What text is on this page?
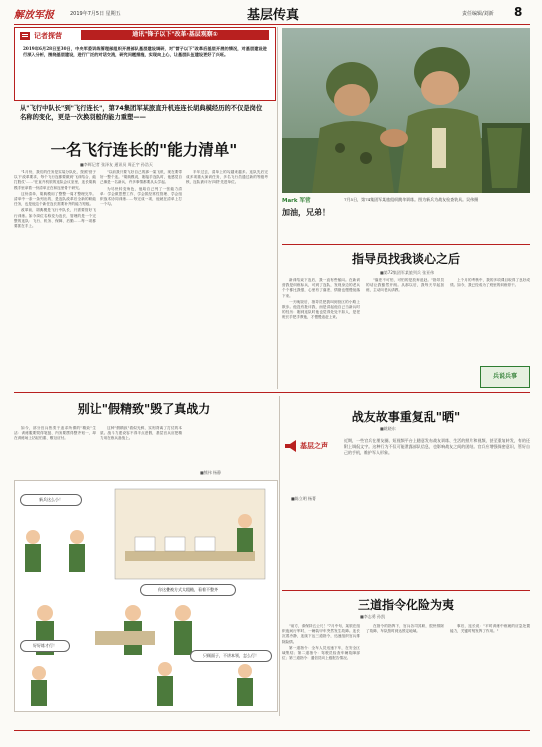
解放军报	2019年7月5日 星期五	基层传真	责任编辑/刘新 8
记者探营	通讯"锋子以下"改革·基层观察①
2019年6月28日至30日，中央军委训练管理部组织开展部队基层建设调研，对"营子以下"改革后基层开展的情况，对基层建设进行深入分析，围绕基层建设，进行广泛的对话交流，研究问题措施，实现向上心，让基层队伍建设更好了兴旺。
从"飞行中队长"到"飞行连长"，第74集团军某旅直升机连连长胡典模经历的不仅是岗位名称的变化，更是一次换羽般的能力重塑——
一名飞行连长的"能力清单"
■李辉记者 张泽友 通讯员 周正宇 孙浩天

"1月份，我们的任务是实装分队化，按照'营子以下'改革要求，每个飞行连都要做到'飞训结合、能打胜仗'……"在直升机旅的连队会议室里，连长胡典模手里拿着一份清单正在和连里骨干研究。

这份清单，胡典模用了整整一周才整理完毕。清单中一条一条列出的，是连队改革后全新的职能任务，也是他这个新任连长需要补齐的能力短板。

改革前，胡典模是飞行中队长，只需要管好飞行训练。如今岗位名称变为连长，管理的是一个完整的连队：飞行、机务、保障、后勤……每一项都要抓在手上。

"以前我只要飞好自己的那一架飞机，现在要带好一整个连。"胡典模说，刚接手连队时，他感觉自己像是一名新兵，许多事情都要从头学起。

为尽快转变角色，他给自己列了一张能力清单：学会做思想工作、学会抓经常性管理、学会组织战术协同训练……每完成一项，他就在清单上打一个勾。

半年过去，清单上的勾越来越多。连队先后完成多项重大演训任务，多名飞行员通过新的等级考核，连队被评为'四铁'先进单位。

Mark 军营
加油，兄弟！
7月5日，第74集团军某旅组织跳伞训练。图为新兵为战友检查装具。吴伟摄
指导员找我谈心之后
■第72集团军某旅列兵 张亚伟

新训结束下连后，我一直有些郁闷。在新训营我是训练标兵，可到了连队，发现身边的老兵个个都比我强，心里有了落差，情绪也慢慢低落下来。

一天晚饭后，指导员把我叫到营区的小路上散步。他没有批评我，而是讲起他自己当新兵时的经历：刚到连队时他也觉得处处不如人，是老班长手把手教他，才慢慢追赶上来。

"落差不可怕，可怕的是放弃追赶。"指导员的话让我豁然开朗。从那以后，我每天早起加练，主动向老兵请教。

上个月的考核中，我的多项课目取得了良好成绩。如今，我已经成为了班里的训练骨干。

兵说兵事
别让"假精致"毁了真战力

如今，部分官兵热衷于追求所谓的"精致"生活：训练服要熨得笔挺、内务要摆得整齐划一，却在训练场上拈轻怕重、敷衍应付。

这种"假精致"看似光鲜，实则背离了打仗的本质。战斗力建设容不得半点虚假，基层官兵应把精力用在练兵备战上。

■熊伟 杨静
新兵这么小！
你这叠被方式太粗糙，看着不整齐
好好练才行！
只顾面子，不讲本领，怎么行！
战友故事重复乱"晒"
■姚晓东
基层之声
近期，一些官兵在朋友圈、短视频平台上随意发布战友训练、生活的照片和视频，甚至重复转发，有的还附上调侃文字。这种行为不仅可能泄露部队信息，也影响战友之间的团结。官兵应增强保密意识，管好自己的手机，维护军人形象。

■陈立明 杨菁

三道指令化险为夷
■李志勇 孙凯

"前方，请保持五公尺！"7月中旬，某旅在组织夜间行军时，一辆装甲车突然发生故障。连长沉着冷静，连续下达三道指令，迅速组织官兵排除险情。

第一道指令：全车人员迅速下车，在安全区域集结；第二道指令：驾驶员检查车辆故障部位；第三道指令：通信员向上级报告情况。

在指令的指挥下，官兵各司其职，很快排除了故障，车队按时到达预定地域。

事后，连长说："平时训练中练就的应急处置能力，关键时刻发挥了作用。"
